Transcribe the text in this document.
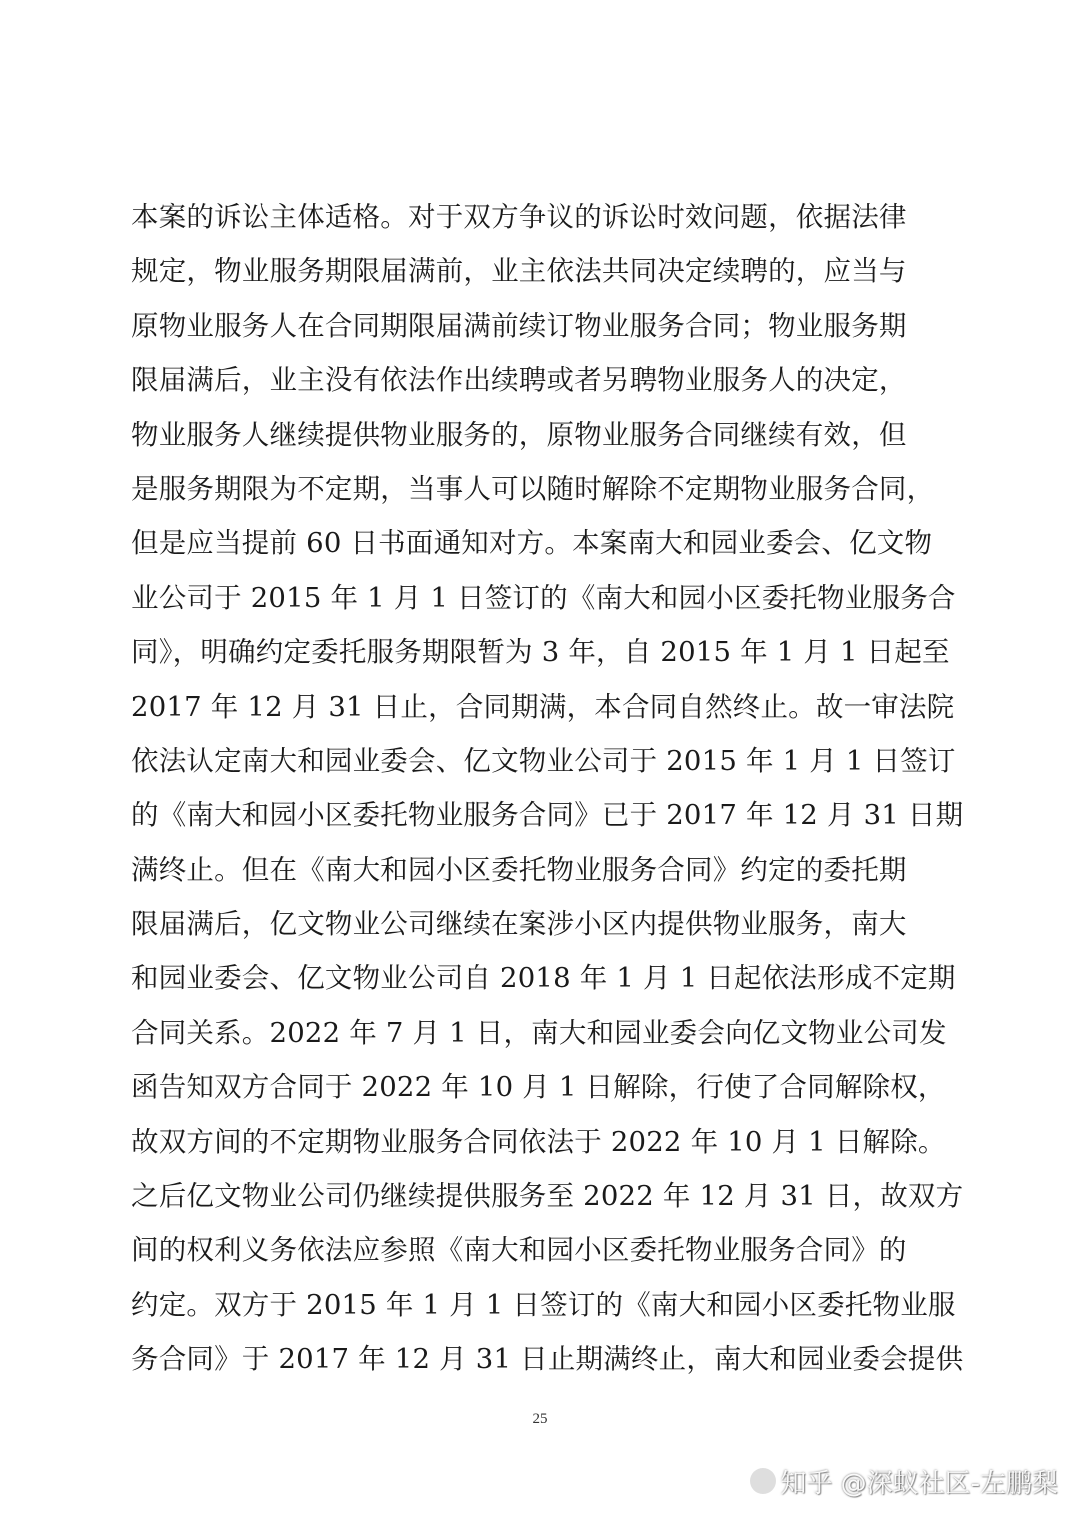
本案的诉讼主体适格。对于双方争议的诉讼时效问题，依据法律
规定，物业服务期限届满前，业主依法共同决定续聘的，应当与
原物业服务人在合同期限届满前续订物业服务合同；物业服务期
限届满后，业主没有依法作出续聘或者另聘物业服务人的决定，
物业服务人继续提供物业服务的，原物业服务合同继续有效，但
是服务期限为不定期，当事人可以随时解除不定期物业服务合同，
但是应当提前 60 日书面通知对方。本案南大和园业委会、亿文物
业公司于 2015 年 1 月 1 日签订的《南大和园小区委托物业服务合
同》，明确约定委托服务期限暂为 3 年，自 2015 年 1 月 1 日起至
2017 年 12 月 31 日止，合同期满，本合同自然终止。故一审法院
依法认定南大和园业委会、亿文物业公司于 2015 年 1 月 1 日签订
的《南大和园小区委托物业服务合同》已于 2017 年 12 月 31 日期
满终止。但在《南大和园小区委托物业服务合同》约定的委托期
限届满后，亿文物业公司继续在案涉小区内提供物业服务，南大
和园业委会、亿文物业公司自 2018 年 1 月 1 日起依法形成不定期
合同关系。2022 年 7 月 1 日，南大和园业委会向亿文物业公司发
函告知双方合同于 2022 年 10 月 1 日解除，行使了合同解除权，
故双方间的不定期物业服务合同依法于 2022 年 10 月 1 日解除。
之后亿文物业公司仍继续提供服务至 2022 年 12 月 31 日，故双方
间的权利义务依法应参照《南大和园小区委托物业服务合同》的
约定。双方于 2015 年 1 月 1 日签订的《南大和园小区委托物业服
务合同》于 2017 年 12 月 31 日止期满终止，南大和园业委会提供
25
知乎 @深蚁社区-左鹏梨
